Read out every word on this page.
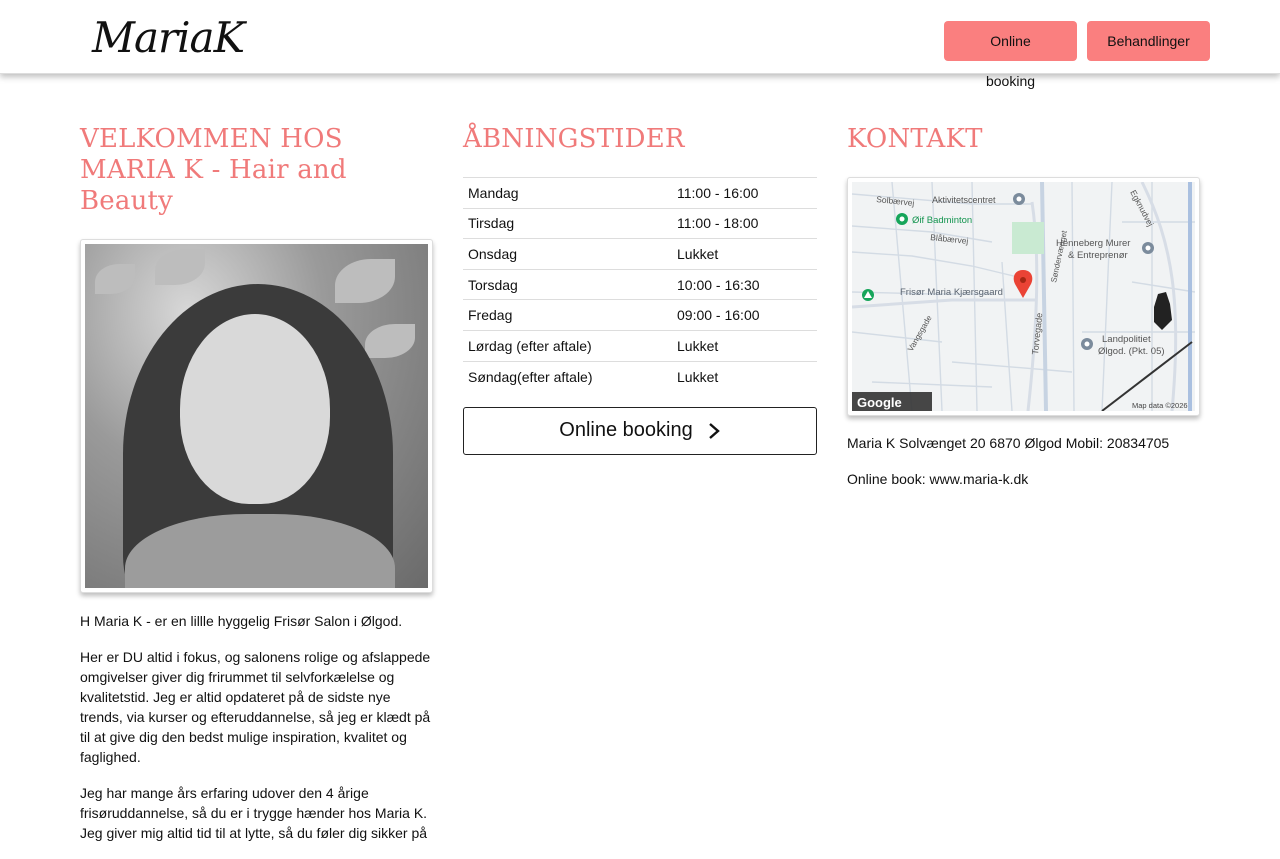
MariaK	Online booking
Behandlinger
VELKOMMEN HOS MARIA K - Hair and Beauty

H Maria K - er en lillle hyggelig Frisør Salon i Ølgod.

Her er DU altid i fokus, og salonens rolige og afslappede omgivelser giver dig frirummet til selvforkælelse og kvalitetstid. Jeg er altid opdateret på de sidste nye trends, via kurser og efteruddannelse, så jeg er klædt på til at give dig den bedst mulige inspiration, kvalitet og faglighed.

Jeg har mange års erfaring udover den 4 årige frisøruddannelse, så du er i trygge hænder hos Maria K. Jeg giver mig altid tid til at lytte, så du føler dig sikker på

ÅBNINGSTIDER
Mandag	11:00 - 16:00
Tirsdag	11:00 - 18:00
Onsdag	Lukket
Torsdag	10:00 - 16:30
Fredag	09:00 - 16:00
Lørdag (efter aftale)	Lukket
Søndag(efter aftale)	Lukket
Online booking
KONTAKT
Solbærvej Aktivitetscentret	Egknudvej
Øif Badminton
Blåbærvej	Henneberg Murer
& Entreprenør
Frisør Maria Kjærsgaard
Søndervænget
Vangsgade	Torvegade	Landpolitiet
Ølgod. (Pkt. 05)
Google	Map data ©2026

Maria K Solvænget 20 6870 Ølgod Mobil: 20834705

Online book: www.maria-k.dk
